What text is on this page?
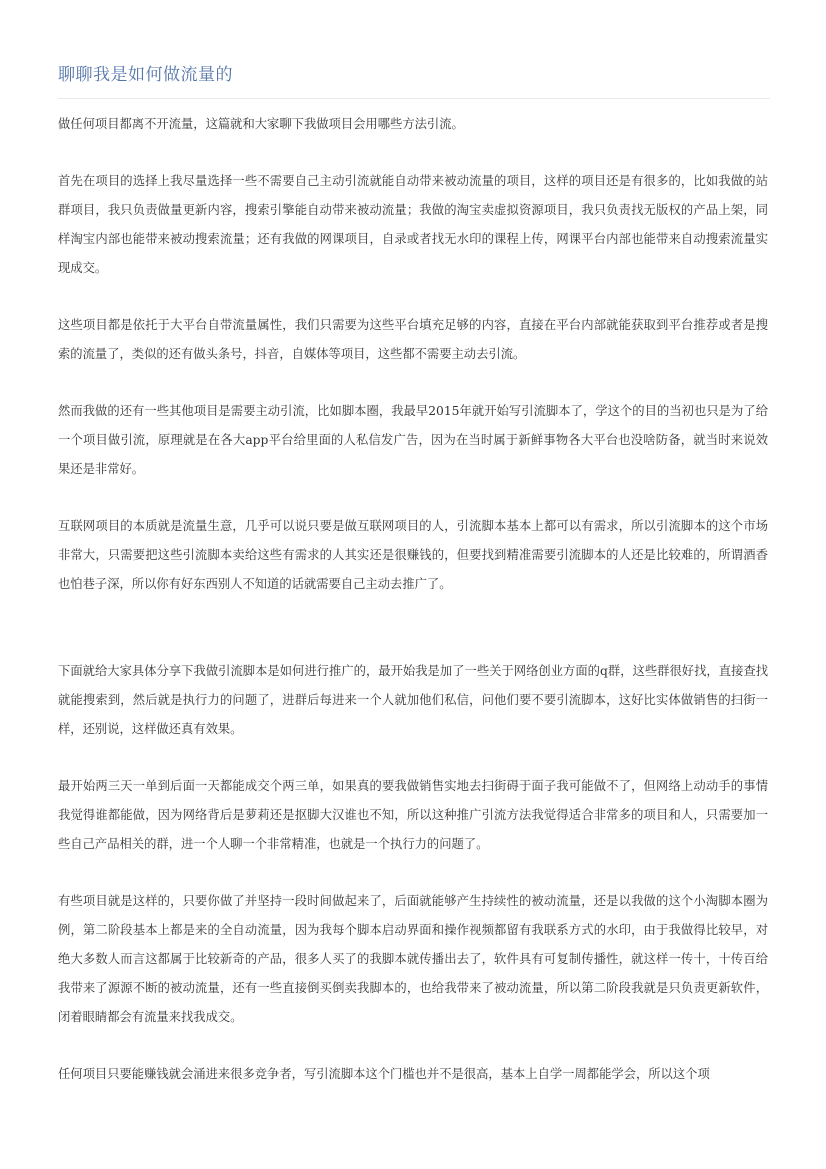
聊聊我是如何做流量的

做任何项目都离不开流量，这篇就和大家聊下我做项目会用哪些方法引流。

首先在项目的选择上我尽量选择一些不需要自己主动引流就能自动带来被动流量的项目，这样的项目还是有很多的，比如我做的站群项目，我只负责做量更新内容，搜索引擎能自动带来被动流量；我做的淘宝卖虚拟资源项目，我只负责找无版权的产品上架，同样淘宝内部也能带来被动搜索流量；还有我做的网课项目，自录或者找无水印的课程上传，网课平台内部也能带来自动搜索流量实现成交。

这些项目都是依托于大平台自带流量属性，我们只需要为这些平台填充足够的内容，直接在平台内部就能获取到平台推荐或者是搜索的流量了，类似的还有做头条号，抖音，自媒体等项目，这些都不需要主动去引流。

然而我做的还有一些其他项目是需要主动引流，比如脚本圈，我最早2015年就开始写引流脚本了，学这个的目的当初也只是为了给一个项目做引流，原理就是在各大app平台给里面的人私信发广告，因为在当时属于新鲜事物各大平台也没啥防备，就当时来说效果还是非常好。

互联网项目的本质就是流量生意，几乎可以说只要是做互联网项目的人，引流脚本基本上都可以有需求，所以引流脚本的这个市场非常大，只需要把这些引流脚本卖给这些有需求的人其实还是很赚钱的，但要找到精准需要引流脚本的人还是比较难的，所谓酒香也怕巷子深，所以你有好东西别人不知道的话就需要自己主动去推广了。

下面就给大家具体分享下我做引流脚本是如何进行推广的，最开始我是加了一些关于网络创业方面的q群，这些群很好找，直接查找就能搜索到，然后就是执行力的问题了，进群后每进来一个人就加他们私信，问他们要不要引流脚本，这好比实体做销售的扫街一样，还别说，这样做还真有效果。

最开始两三天一单到后面一天都能成交个两三单，如果真的要我做销售实地去扫街碍于面子我可能做不了，但网络上动动手的事情我觉得谁都能做，因为网络背后是萝莉还是抠脚大汉谁也不知，所以这种推广引流方法我觉得适合非常多的项目和人，只需要加一些自己产品相关的群，进一个人聊一个非常精准，也就是一个执行力的问题了。

有些项目就是这样的，只要你做了并坚持一段时间做起来了，后面就能够产生持续性的被动流量，还是以我做的这个小淘脚本圈为例，第二阶段基本上都是来的全自动流量，因为我每个脚本启动界面和操作视频都留有我联系方式的水印，由于我做得比较早，对绝大多数人而言这都属于比较新奇的产品，很多人买了的我脚本就传播出去了，软件具有可复制传播性，就这样一传十，十传百给我带来了源源不断的被动流量，还有一些直接倒买倒卖我脚本的，也给我带来了被动流量，所以第二阶段我就是只负责更新软件，闭着眼睛都会有流量来找我成交。

任何项目只要能赚钱就会涌进来很多竞争者，写引流脚本这个门槛也并不是很高，基本上自学一周都能学会，所以这个项
